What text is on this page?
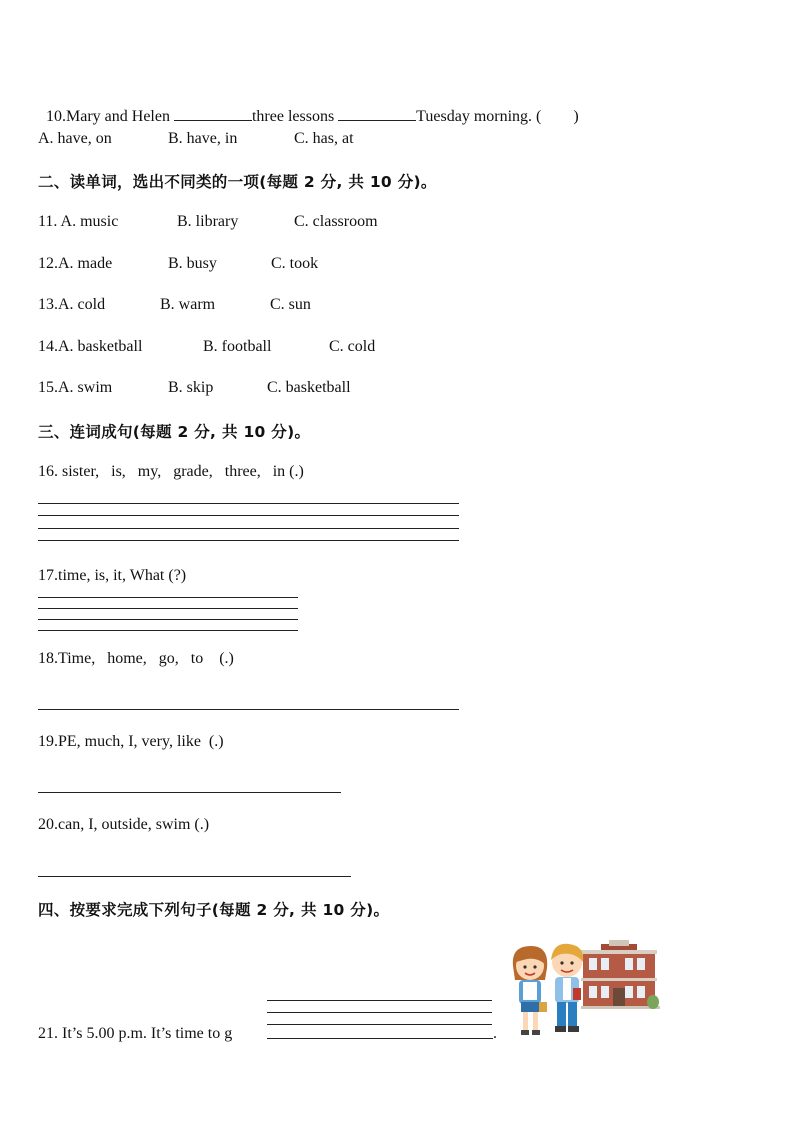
10.Mary and Helen	three lessons	Tuesday morning. ( )

A. have, on	B. have, in	C. has, at
二、读单词，选出不同类的一项(每题 2 分, 共 10 分)。
11. A. music	B. library	C. classroom
12.A. made	B. busy	C. took
13.A. cold	B. warm	C. sun
14.A. basketball	B. football	C. cold
15.A. swim	B. skip	C. basketball
三、连词成句(每题 2 分, 共 10 分)。
16. sister,   is,   my,   grade,   three,   in (.)
17.time, is, it, What (?)
18.Time,   home,   go,   to    (.)
19.PE, much, I, very, like  (.)
20.can, I, outside, swim (.)
四、按要求完成下列句子(每题 2 分, 共 10 分)。
21. It’s 5.00 p.m. It’s time to g	.
